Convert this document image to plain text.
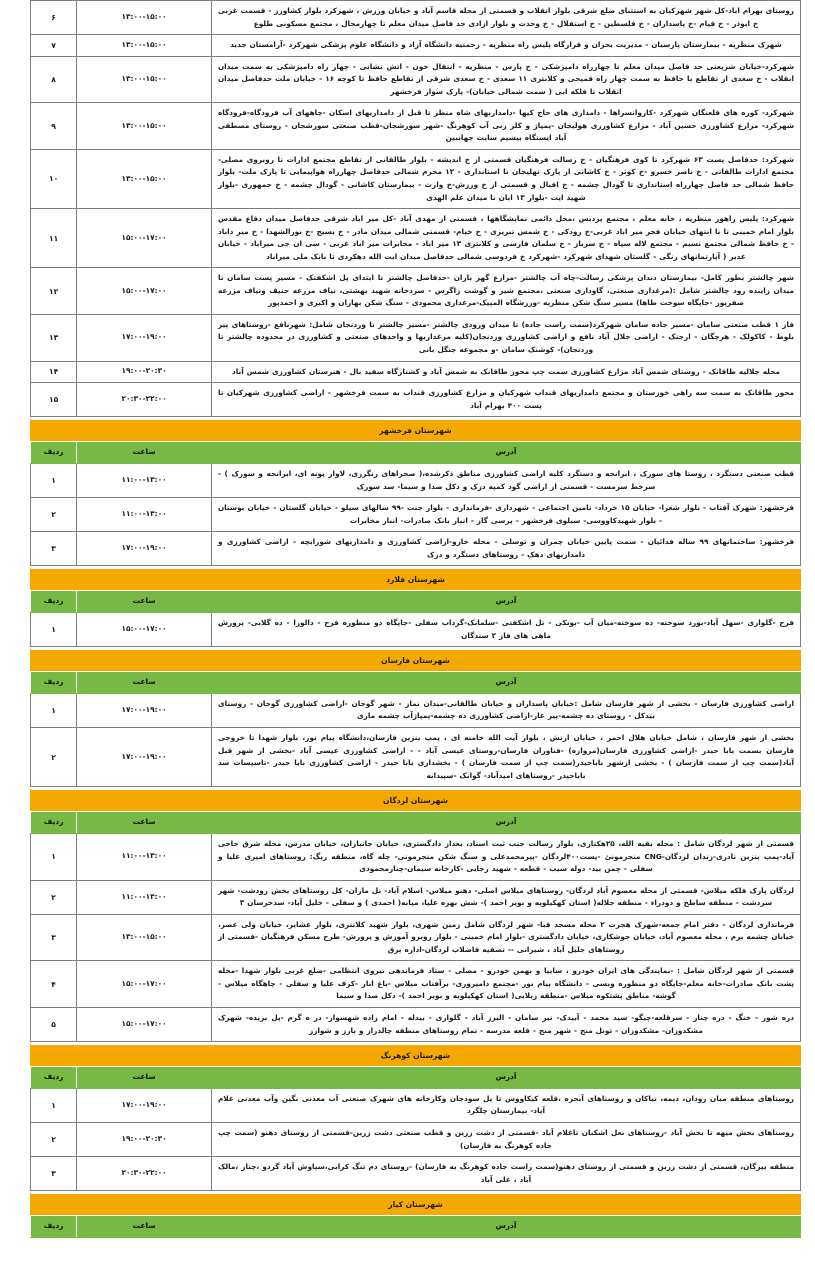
روستای بهرام اباد-کل شهر شهرکیان به استثنای ضلع شرقی بلوار انقلاب و قسمتی از محله قاسم آباد و خیابان ورزش ، شهرکرد بلوار کشاورز - قسمت غربی خ ابوذر - خ قیام -خ پاسداران - خ فلسطین - خ استقلال - خ وحدت و بلوار ازادی حد فاصل میدان معلم تا چهارمحال ، مجتمع مسکونی طلوع	۱۳:۰۰-۱۵:۰۰	۶
شهرک منظریه - بیمارستان پارسیان - مدیریت بحران و قرارگاه پلیس راه منظریه - رحمتیه دانشگاه آزاد و دانشگاه علوم پزشکی شهرکرد -آرامستان جدید	۱۳:۰۰-۱۵:۰۰	۷
شهرکرد-خیابان شریعتی حد فاصل میدان معلم تا چهارراه دامپزشکی - خ پارس - منظریه - انتقال خون - اتش نشانی - چهار راه دامپزشکی به سمت میدان انقلاب - خ سعدی از تقاطع با حافظ به سمت چهار راه قمیحی و کلانتری ۱۱ سعدی - خ سعدی شرقی از تقاطع حافظ تا کوچه ۱۶ - خیابان ملت حدفاصل میدان انقلاب تا فلکه ابی ( سمت شمالی خیابان)- پارک سوار فرخشهر	۱۳:۰۰-۱۵:۰۰	۸
شهرکرد- کوره های قلعنگان شهرکرد -کاروانسراها - دامداری های حاج کیها -دامداریهای شاه منظر تا قبل از دامداریهای اسکان -چاههای آب فرودگاه-فرودگاه شهرکرد- مزارع کشاورزی حسین آباد - مزارع کشاورزی هولیجان -پمپاژ و کلر زنی آب کوهرنگ -شهر سورشجان-قطب صنعتی سورشجان - روستای مصطفی آباد ایستگاه بیسیم سایت جهانبین	۱۳:۰۰-۱۵:۰۰	۹
شهرکرد: حدفاصل پست ۶۳ شهرکرد تا کوی فرهنگیان - خ رسالت فرهنگیان قسمتی از خ اندیشه - بلوار طالقانی از تقاطع مجتمع ادارات تا روبروی مصلی- مجتمع ادارات طالقانی - خ ناصر خسرو -خ کوثر - خ کاشانی از پارک تهلیجان تا استانداری - ۱۲ محرم شمالی حدفاصل چهارراه هواپیمایی تا پارک ملت- بلوار حافظ شمالی حد فاصل چهارراه استانداری تا گودال چشمه - خ اقبال و قسمتی از خ ورزش-خ وارث - بیمارستان کاشانی - گودال چشمه - خ جمهوری -بلوار شهید ایت -بلوار ۱۳ ابان تا میدان علم الهدی	۱۳:۰۰-۱۵:۰۰	۱۰
شهرکرد: پلیس راهور منظریه ، خانه معلم ، مجتمع پردیس ،محل دائمی نمایشگاهها ، قسمتی از مهدی آباد -کل میر اباد شرقی حدفاصل میدان دفاع مقدس بلوار امام خمینی تا تا انتهای خیابان فجر میر اباد غربی-خ رودکی - خ شمس تبریزی - خ خیام- قسمتی شمالی میدان مادر - خ بسیج -خ نورالشهدا - خ میر داباد - خ حافظ شمالی مجتمع نسیم - مجتمع لاله سپاه - خ سرباز - خ سلمان فارسی و کلانتری ۱۳ میر اباد - مخابرات میر اباد غربی - سی ان جی میراباد - خیابان غدیر ( آپارتمانهای رنگی - گلستان شهدای شهرکرد -شهرکرد خ فردوسی شمالی حدفاصل میدان ایت الله دهکردی تا بانک ملی میراباد	۱۵:۰۰-۱۷:۰۰	۱۱
شهر چالشتر بطور کامل- بیمارستان دندان پزشکی رسالت-چاه آب چالشتر -مزارع گهر باران -حدفاصل چالشتر تا ابتدای پل اشکفتک - مسیر پست سامان تا میدان زاینده رود چالشتر شامل :(مرغداری صنعتی، گاوداری صنعتی ،مجتمع شیر و گوشت زاگرس - سردخانه شهید بهشتی، تیاف مزرعه حنیف وتیاف مزرعه صفرپور -جایگاه سوخت طاها) مسیر سنگ شکن منظریه -ورزشگاه المپیک-مرغداری محمودی - سنگ شکن بهاران و اکبری و احمدپور	۱۵:۰۰-۱۷:۰۰	۱۲
فاز ۱ قطب صنعتی سامان -مسیر جاده سامان شهرکرد(سمت راست جاده) تا میدان ورودی چالشتر -مسیر چالشتر تا وردنجان شامل: شهرنافع -روستاهای پیر بلوط - کاکولک - هرچگان - ارجنک - اراضی جلال آباد نافع و اراضی کشاورزی وردنجان(کلیه مرغداریها و واحدهای صنعتی و کشاورزی در محدوده چالشتر تا وردنجان)- کوشنک سامان -و مجموعه جنگل بانی	۱۷:۰۰-۱۹:۰۰	۱۳
محله جلالیه طاقانک - روستای شمس آباد مزارع کشاورزی سمت چپ محور طاقانک به شمس آباد و کشتارگاه سفید بال - هنرستان کشاورزی شمس آباد	۱۹:۰۰-۲۰:۳۰	۱۴
محور طاقانک به سمت سه راهی خوزستان و مجتمع دامداریهای قنداب شهرکیان و مزارع کشاورزی قنداب به سمت فرخشهر - اراضی کشاورزی شهرکیان تا پست ۴۰۰ بهرام آباد	۲۰:۳۰-۲۲:۰۰	۱۵

شهرستان فرخشهر		
آدرس	ساعت	ردیف
قطب صنعتی دستگرد ، روستا های سورک ، ابرانجه و دستگرد کلیه اراضی کشاورزی مناطق ذکرشده،( صحراهای رنگرزی، لاوار پونه ای، ابرانجه و سورک ) - سرخط سرمست - قسمتی از اراضی گود کمپه دزک و دکل صدا و سیما- سد سورک	۱۱:۰۰-۱۳:۰۰	۱
فرخشهر: شهرک آفتاب - بلوار شعرا- خیابان ۱۵ خرداد- تامین اجتماعی - شهرداری -فرمانداری - بلوار جنت -۹۹ سالهای سیلو - خیابان گلستان - خیابان بوستان - بلوار شهیدکاووسی- سیلوی فرخشهر - پرسی گاز - انبار بانک صادرات- انبار مخابرات	۱۱:۰۰-۱۳:۰۰	۲
فرخشهر: ساختمانهای ۹۹ ساله فدائیان - سمت پایین خیابان چمران و توسلی - محله خارو-اراضی کشاورزی و دامداریهای شورابچه - اراضی کشاورزی و دامداریهای دهک - روستاهای دستگرد و دزک	۱۷:۰۰-۱۹:۰۰	۳

شهرستان فلارد		
آدرس	ساعت	ردیف
فرح -گلواری -سهل آباد-بورد سوخته- ده سوخته-میان آب -بونکی - تل اشکفتی -سلمانک-گرداب سفلی -جایگاه دو منظوره فرح - دالورا - ده گلابی- پرورش ماهی های فاز ۲ سندگان	۱۵:۰۰-۱۷:۰۰	۱

شهرستان فارسان		
آدرس	ساعت	ردیف
اراضی کشاورزی فارسان - بخشی از شهر فارسان شامل :خیابان پاسداران و خیابان طالقانی-میدان نماز - شهر گوجان -اراضی کشاورزی گوجان - روستای بیدکل - روستای ده چشمه-پیر غار-اراضی کشاورزی ده چشمه-پمپاژآب چشمه ماری	۱۷:۰۰-۱۹:۰۰	۱
بخشی از شهر فارسان ، شامل خیابان هلال احمر ، خیابان ارتش ، بلوار آیت الله خامنه ای ، پمپ بنزین فارسان،دانشگاه پیام نور، بلوار شهدا تا خروجی فارسان بسمت بابا حیدر -اراضی کشاورزی فارسان(مروازه) -فناوران فارسان-روستای عیسی آباد - - اراضی کشاورزی عیسی آباد -بخشی از شهر قبل آباد(سمت چپ از سمت فارسان ) - بخشی ازشهر باباحیدر(سمت چپ از سمت فارسان ) - بخشداری بابا حیدر - اراضی کشاورزی بابا حیدر -تاسیسات سد باباحیدر -روستاهای امیدآباد- گوانک -سپیدانه	۱۷:۰۰-۱۹:۰۰	۲

شهرستان لردگان		
آدرس	ساعت	ردیف
قسمتی از شهر لردگان شامل : محله بقیه الله، ۲۵هکتاری، بلوار رسالت جنب ثبت اسناد، بعداز دادگستری، خیابان جانبازان، خیابان مدرس، محله شرق حاجی آباد-پمپ بنزین نادری-زندان لردگان-CNG منجرمونئ -پست۴۰۰لردگان -پیرمحمدعلی و سنگ شکن منجرمونی- چله گاه، منطقه ریگ: روستاهای امیری علیا و سفلی - چمن بید- دوله سیب - قطعه - شهید رجایی -کارخانه سیمان-چنارمحمودی	۱۱:۰۰-۱۳:۰۰	۱
لردگان پارک فلکه میلاس- قسمتی از محله معصوم آباد لردگان- روستاهای میلاس اصلی- دهنو میلاس- اسلام آباد- نل ماران- کل روستاهای بخش رودشت- شهر سردشت - منطقه ساطخ و دودراء - منطقه جلاله( استان کهکیلویه و بویر احمد )- شش بهره علیا، میانه( احمدی ) و سفلی - خلیل آباد- سدخرسان ۳	۱۱:۰۰-۱۳:۰۰	۲
فرمانداری لردگان - دفتر امام جمعه-شهرک هجرت ۲ محله مسجد قبا- شهر لردگان شامل زمین شهری، بلوار شهید کلانتری، بلوار عشایر، خیابان ولی عصر، خیابان چشمه برم ، محله معصوم آباد، خیابان جوشکاری، خیابان دادگستری -بلوار امام خمینی - بلوار روبرو آموزش و پرورش- طرح مسکن فرهنگیان -قسمتی از روستاهای جلیل آباد ، شیرانی -- تصفیه فاضلاب لردگان-اداره برق	۱۳:۰۰-۱۵:۰۰	۳
قسمتی از شهر لردگان شامل : -نمایندگی های ایران خودرو ، سایپا و بهمن خودرو - مصلی - ستاد فرماندهی نیروی انتظامی -ضلع غربی بلوار شهدا -محله پشت بانک صادرات-خانه معلم-جایگاه دو منظوره وبسی - دانشگاه پیام نور -مجتمع دامپروری- برآفتاب میلاس -باغ انار -کرف علیا و سفلی - چاهگاه میلاس - گوشه- مناطق پشتکوه میلاس -منطقه زیلایی( استان کهکیلویه و بویر احمد )- دکل صدا و سیما	۱۵:۰۰-۱۷:۰۰	۴
دره شور - خنگ - دره چنار - سرقلعه-چیگو- سید محمد - آبیدک- تیر سامان - البرز آباد - گلواری - بیدله - امام زاده شهسوار- در ه گرم -پل بریده- شهرک مشکدوزان- مشکدوزان - تونل منج - شهر منج - قلعه مدرسه - تمام روستاهای منطقه چالدراز و بارز و شوارز	۱۵:۰۰-۱۷:۰۰	۵

شهرستان کوهرنگ		
آدرس	ساعت	ردیف
روستاهای منطقه میان رودان، دیمه، نیاکان و روستاهای آبحره ،قلعه کیکاووس تا پل سودجان وکارخانه های شهرک صنعتی آب معدنی نگین وآب معدنی غلام آباد- بیمارستان چلگرد	۱۷:۰۰-۱۹:۰۰	۱
روستاهای بخش میهه تا بخش آباد -روستاهای نعل اشکنان تاغلام آباد -قسمتی از دشت زرین و قطب صنعتی دشت زرین-قسمتی از روستای دهنو (سمت چپ جاده کوهرنگ به فارسان)	۱۹:۰۰-۲۰:۳۰	۲
منطقه بیرگان، قسمتی از دشت زرین و قسمتی از روستای دهنو(سمت راست جاده کوهرنگ به فارسان) -روستای دم تنگ کرابی،سیاوش آباد گردو ،چنار ،مالک آباد ، علی آباد	۲۰:۳۰-۲۲:۰۰	۳

شهرستان کیار		
آدرس	ساعت	ردیف
